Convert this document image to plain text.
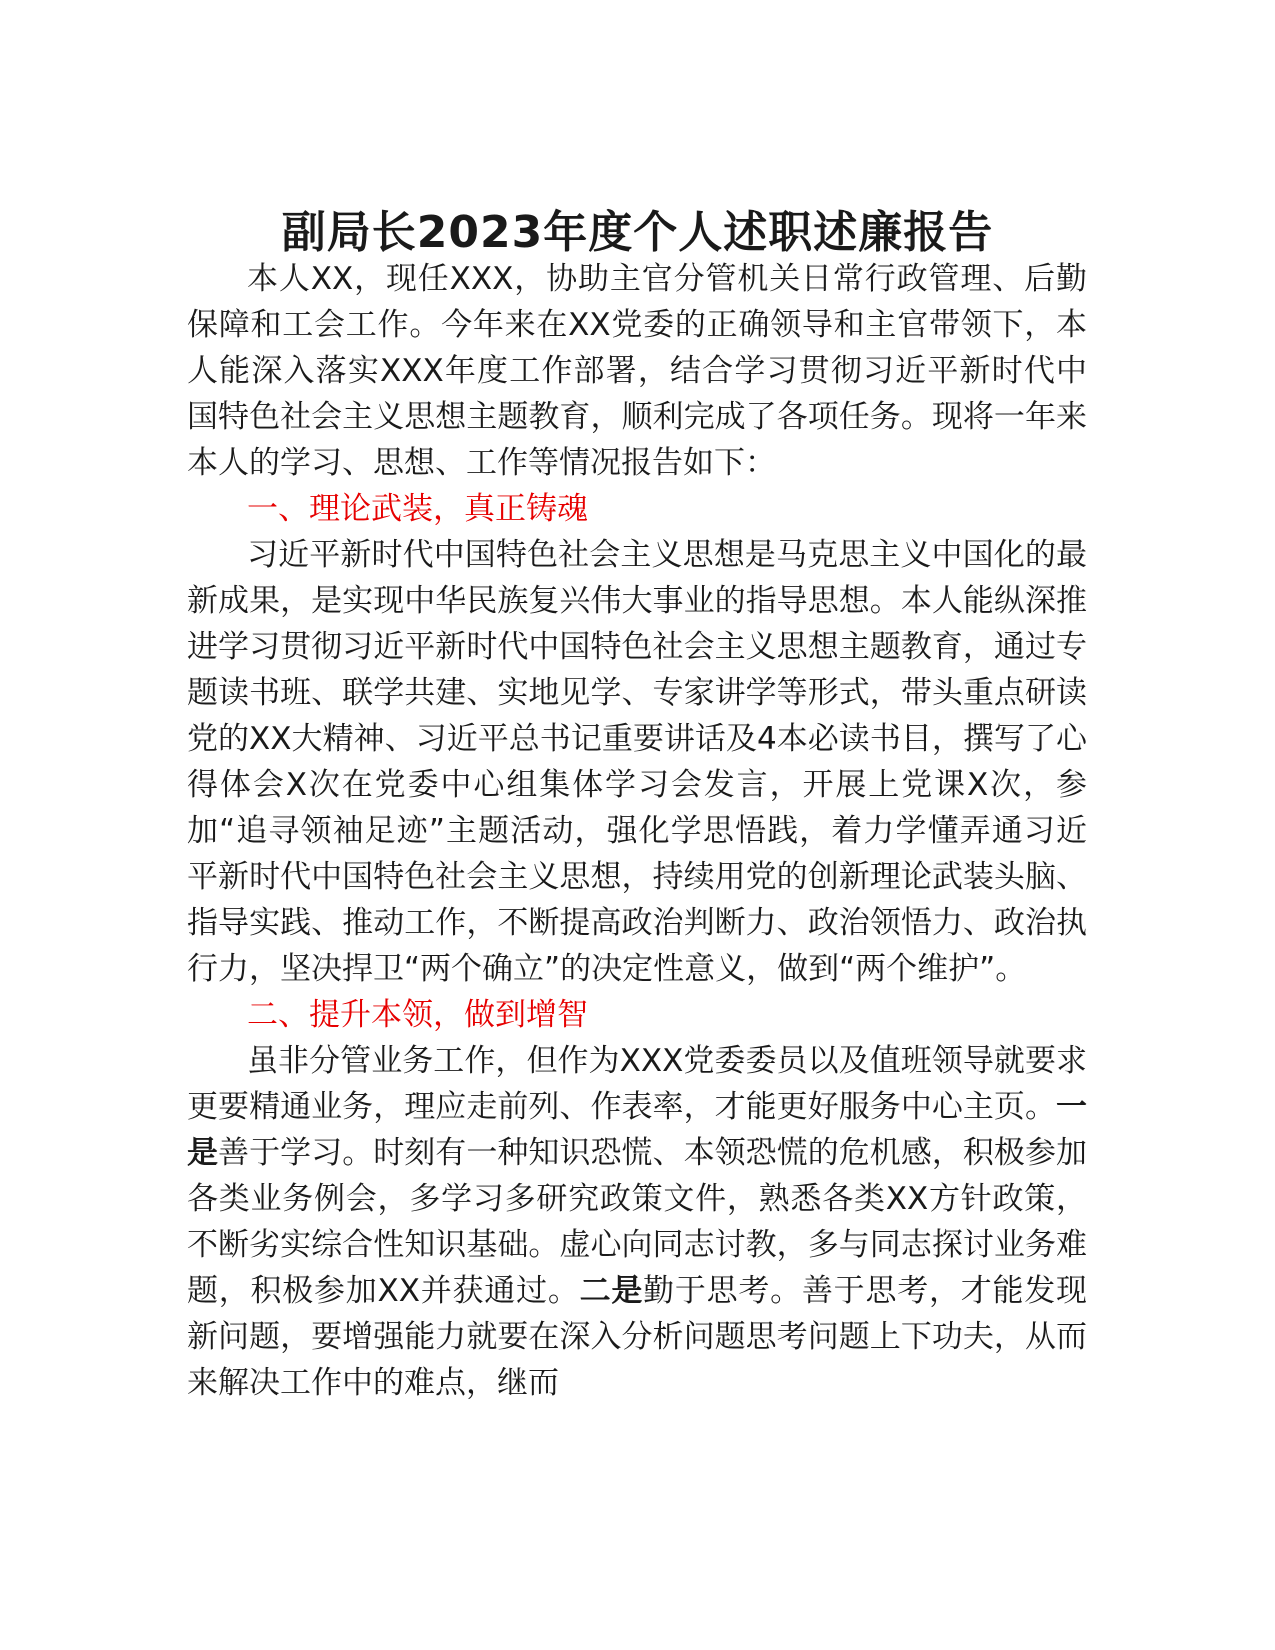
副局长2023年度个人述职述廉报告

本人XX，现任XXX，协助主官分管机关日常行政管理、后勤保障和工会工作。今年来在XX党委的正确领导和主官带领下，本人能深入落实XXX年度工作部署，结合学习贯彻习近平新时代中国特色社会主义思想主题教育，顺利完成了各项任务。现将一年来本人的学习、思想、工作等情况报告如下：

一、理论武装，真正铸魂

习近平新时代中国特色社会主义思想是马克思主义中国化的最新成果，是实现中华民族复兴伟大事业的指导思想。本人能纵深推进学习贯彻习近平新时代中国特色社会主义思想主题教育，通过专题读书班、联学共建、实地见学、专家讲学等形式，带头重点研读党的XX大精神、习近平总书记重要讲话及4本必读书目，撰写了心得体会X次在党委中心组集体学习会发言，开展上党课X次，参加“追寻领袖足迹”主题活动，强化学思悟践，着力学懂弄通习近平新时代中国特色社会主义思想，持续用党的创新理论武装头脑、指导实践、推动工作，不断提高政治判断力、政治领悟力、政治执行力，坚决捍卫“两个确立”的决定性意义，做到“两个维护”。

二、提升本领，做到增智

虽非分管业务工作，但作为XXX党委委员以及值班领导就要求更要精通业务，理应走前列、作表率，才能更好服务中心主页。一是善于学习。时刻有一种知识恐慌、本领恐慌的危机感，积极参加各类业务例会，多学习多研究政策文件，熟悉各类XX方针政策，不断劣实综合性知识基础。虚心向同志讨教，多与同志探讨业务难题，积极参加XX并获通过。二是勤于思考。善于思考，才能发现新问题，要增强能力就要在深入分析问题思考问题上下功夫，从而来解决工作中的难点，继而
